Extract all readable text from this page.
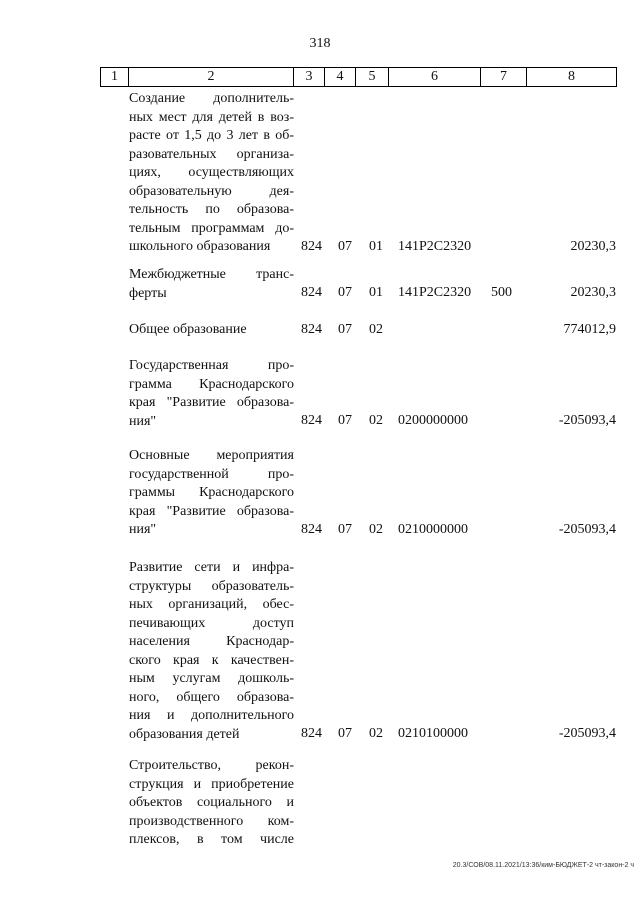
318
1	2	3	4	5	6	7	8
Создание дополнитель-
ных мест для детей в воз-
расте от 1,5 до 3 лет в об-
разовательных организа-
циях, осуществляющих
образовательную дея-
тельность по образова-
тельным программам до-
школьного образования	824 07 01 141P2C2320	20230,3
Межбюджетные транс-
ферты	824 07 01 141P2C2320 500	20230,3
Общее образование	824 07 02	774012,9
Государственная про-
грамма Краснодарского
края "Развитие образова-
ния"	824 07 02 0200000000	-205093,4
Основные мероприятия
государственной про-
граммы Краснодарского
края "Развитие образова-
ния"	824 07 02 0210000000	-205093,4
Развитие сети и инфра-
структуры образователь-
ных организаций, обес-
печивающих доступ
населения Краснодар-
ского края к качествен-
ным услугам дошколь-
ного, общего образова-
ния и дополнительного
образования детей	824 07 02 0210100000	-205093,4
Строительство, рекон-
струкция и приобретение
объектов социального и
производственного ком-
плексов, в том числе
20.3/СОВ/08.11.2021/13:36/ким-БЮДЖЕТ-2 чт-закон-2 ч
